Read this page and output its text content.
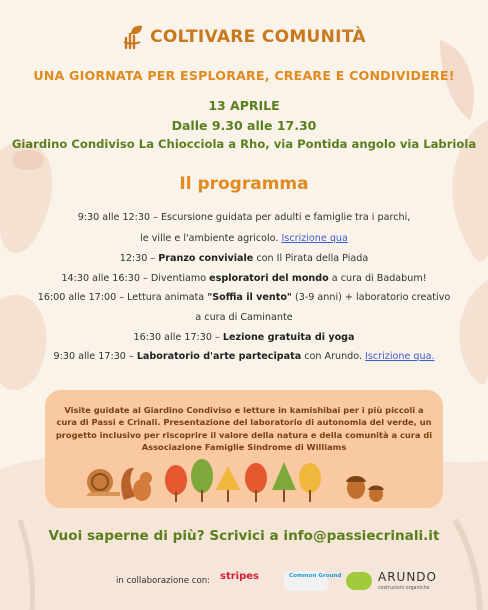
COLTIVARE COMUNITÀ
UNA GIORNATA PER ESPLORARE, CREARE E CONDIVIDERE!
13 APRILE
Dalle 9.30 alle 17.30
Giardino Condiviso La Chiocciola a Rho, via Pontida angolo via Labriola
Il programma
9:30 alle 12:30 – Escursione guidata per adulti e famiglie tra i parchi,
le ville e l'ambiente agricolo. Iscrizione qua
12:30 – Pranzo conviviale con Il Pirata della Piada
14:30 alle 16:30 – Diventiamo esploratori del mondo a cura di Badabum!
16:00 alle 17:00 – Lettura animata "Soffia il vento" (3-9 anni) + laboratorio creativo
a cura di Caminante
16:30 alle 17:30 – Lezione gratuita di yoga
9:30 alle 17:30 – Laboratorio d'arte partecipata con Arundo. Iscrizione qua.
Visite guidate al Giardino Condiviso e letture in kamishibai per i più piccoli a cura di Passi e Crinali. Presentazione del laboratorio di autonomia del verde, un progetto inclusivo per riscoprire il valore della natura e della comunità a cura di Associazione Famiglie Sindrome di Williams
Vuoi saperne di più? Scrivici a info@passiecrinali.it
in collaborazione con: stripes	Common Ground	ARUNDO
costruzioni organiche
